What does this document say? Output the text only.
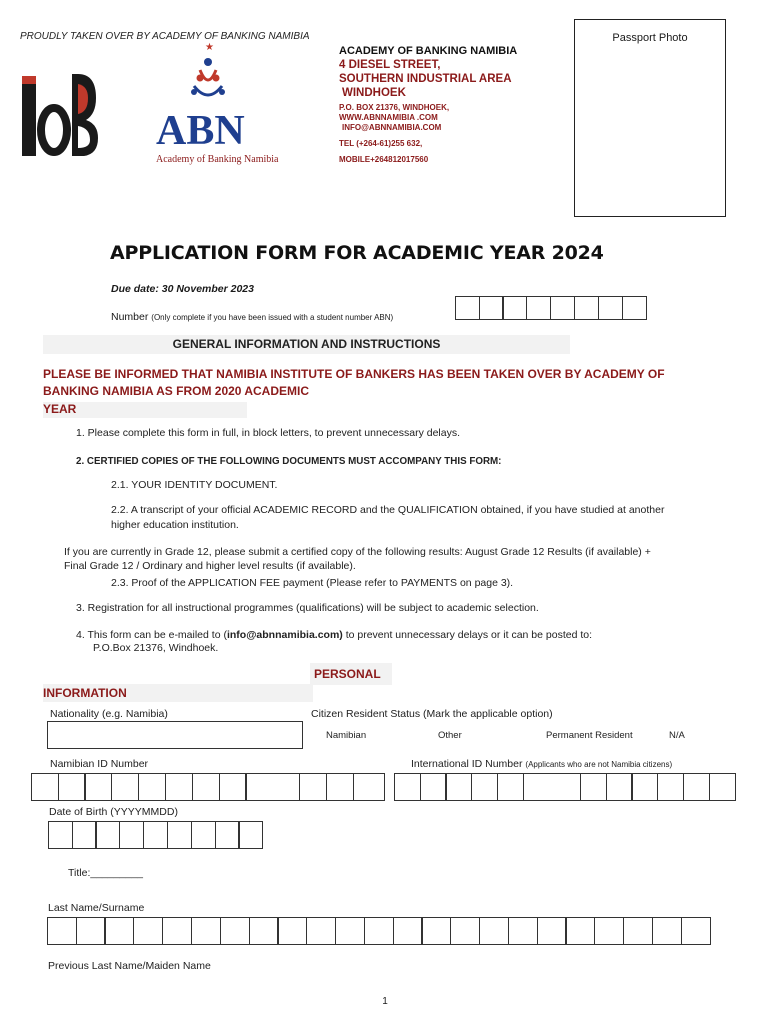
PROUDLY TAKEN OVER BY ACADEMY OF BANKING NAMIBIA
★
ABN
Academy of Banking Namibia
ACADEMY OF BANKING NAMIBIA
4 DIESEL STREET,
SOUTHERN INDUSTRIAL AREA
WINDHOEK
P.O. BOX 21376, WINDHOEK,
WWW.ABNNAMIBIA .COM
INFO@ABNNAMIBIA.COM
TEL (+264-61)255 632,
MOBILE+264812017560
Passport Photo
APPLICATION FORM FOR ACADEMIC YEAR 2024
Due date: 30 November 2023
Number (Only complete if you have been issued with a student number ABN)
GENERAL INFORMATION AND INSTRUCTIONS
PLEASE BE INFORMED THAT NAMIBIA INSTITUTE OF BANKERS HAS BEEN TAKEN OVER BY ACADEMY OF
BANKING NAMIBIA AS FROM 2020 ACADEMIC
YEAR
1. Please complete this form in full, in block letters, to prevent unnecessary delays.
2. CERTIFIED COPIES OF THE FOLLOWING DOCUMENTS MUST ACCOMPANY THIS FORM:
2.1. YOUR IDENTITY DOCUMENT.
2.2. A transcript of your official ACADEMIC RECORD and the QUALIFICATION obtained, if you have studied at another
higher education institution.
If you are currently in Grade 12, please submit a certified copy of the following results: August Grade 12 Results (if available) +
Final Grade 12 / Ordinary and higher level results (if available).
2.3. Proof of the APPLICATION FEE payment (Please refer to PAYMENTS on page 3).
3. Registration for all instructional programmes (qualifications) will be subject to academic selection.
4. This form can be e-mailed to (info@abnnamibia.com) to prevent unnecessary delays or it can be posted to:
P.O.Box 21376, Windhoek.
PERSONAL
INFORMATION
Nationality (e.g. Namibia)	Citizen Resident Status (Mark the applicable option)
Namibian	Other	Permanent Resident	N/A
Namibian ID Number	International ID Number (Applicants who are not Namibia citizens)
Date of Birth (YYYYMMDD)
Title:_________
Last Name/Surname
Previous Last Name/Maiden Name
1
